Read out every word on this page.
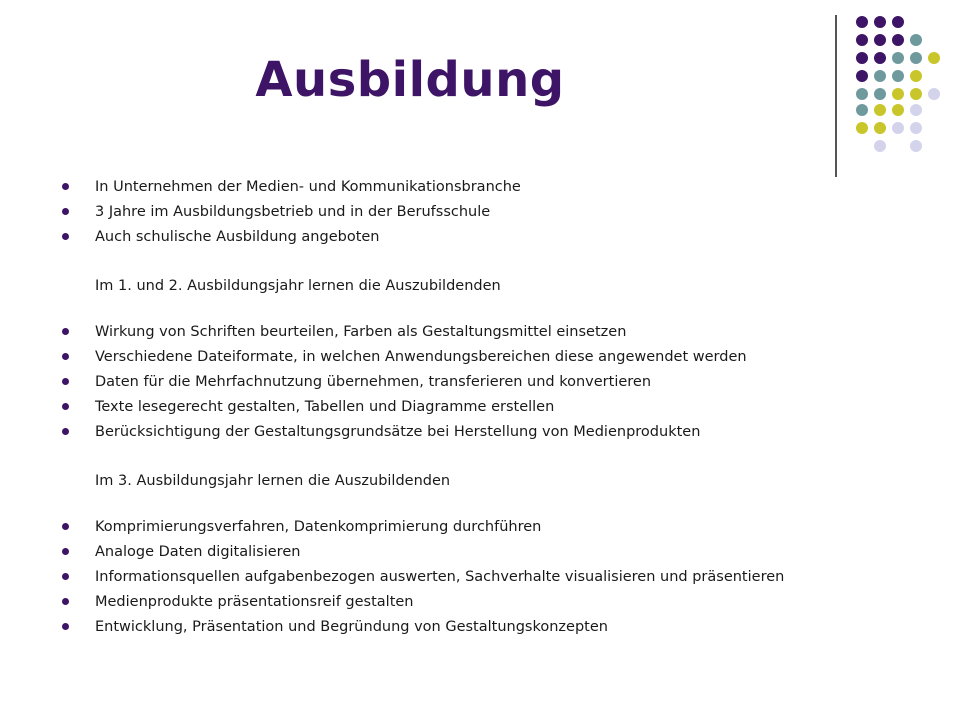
Ausbildung
In Unternehmen der Medien- und Kommunikationsbranche
3 Jahre im Ausbildungsbetrieb und in der Berufsschule
Auch schulische Ausbildung angeboten
Im 1. und 2. Ausbildungsjahr lernen die Auszubildenden
Wirkung von Schriften beurteilen, Farben als Gestaltungsmittel einsetzen
Verschiedene Dateiformate, in welchen Anwendungsbereichen diese angewendet werden
Daten für die Mehrfachnutzung übernehmen, transferieren und konvertieren
Texte lesegerecht gestalten, Tabellen und Diagramme erstellen
Berücksichtigung der Gestaltungsgrundsätze bei Herstellung von Medienprodukten
Im 3. Ausbildungsjahr lernen die Auszubildenden
Komprimierungsverfahren, Datenkomprimierung durchführen
Analoge Daten digitalisieren
Informationsquellen aufgabenbezogen auswerten, Sachverhalte visualisieren und präsentieren
Medienprodukte präsentationsreif gestalten
Entwicklung, Präsentation und Begründung von Gestaltungskonzepten
